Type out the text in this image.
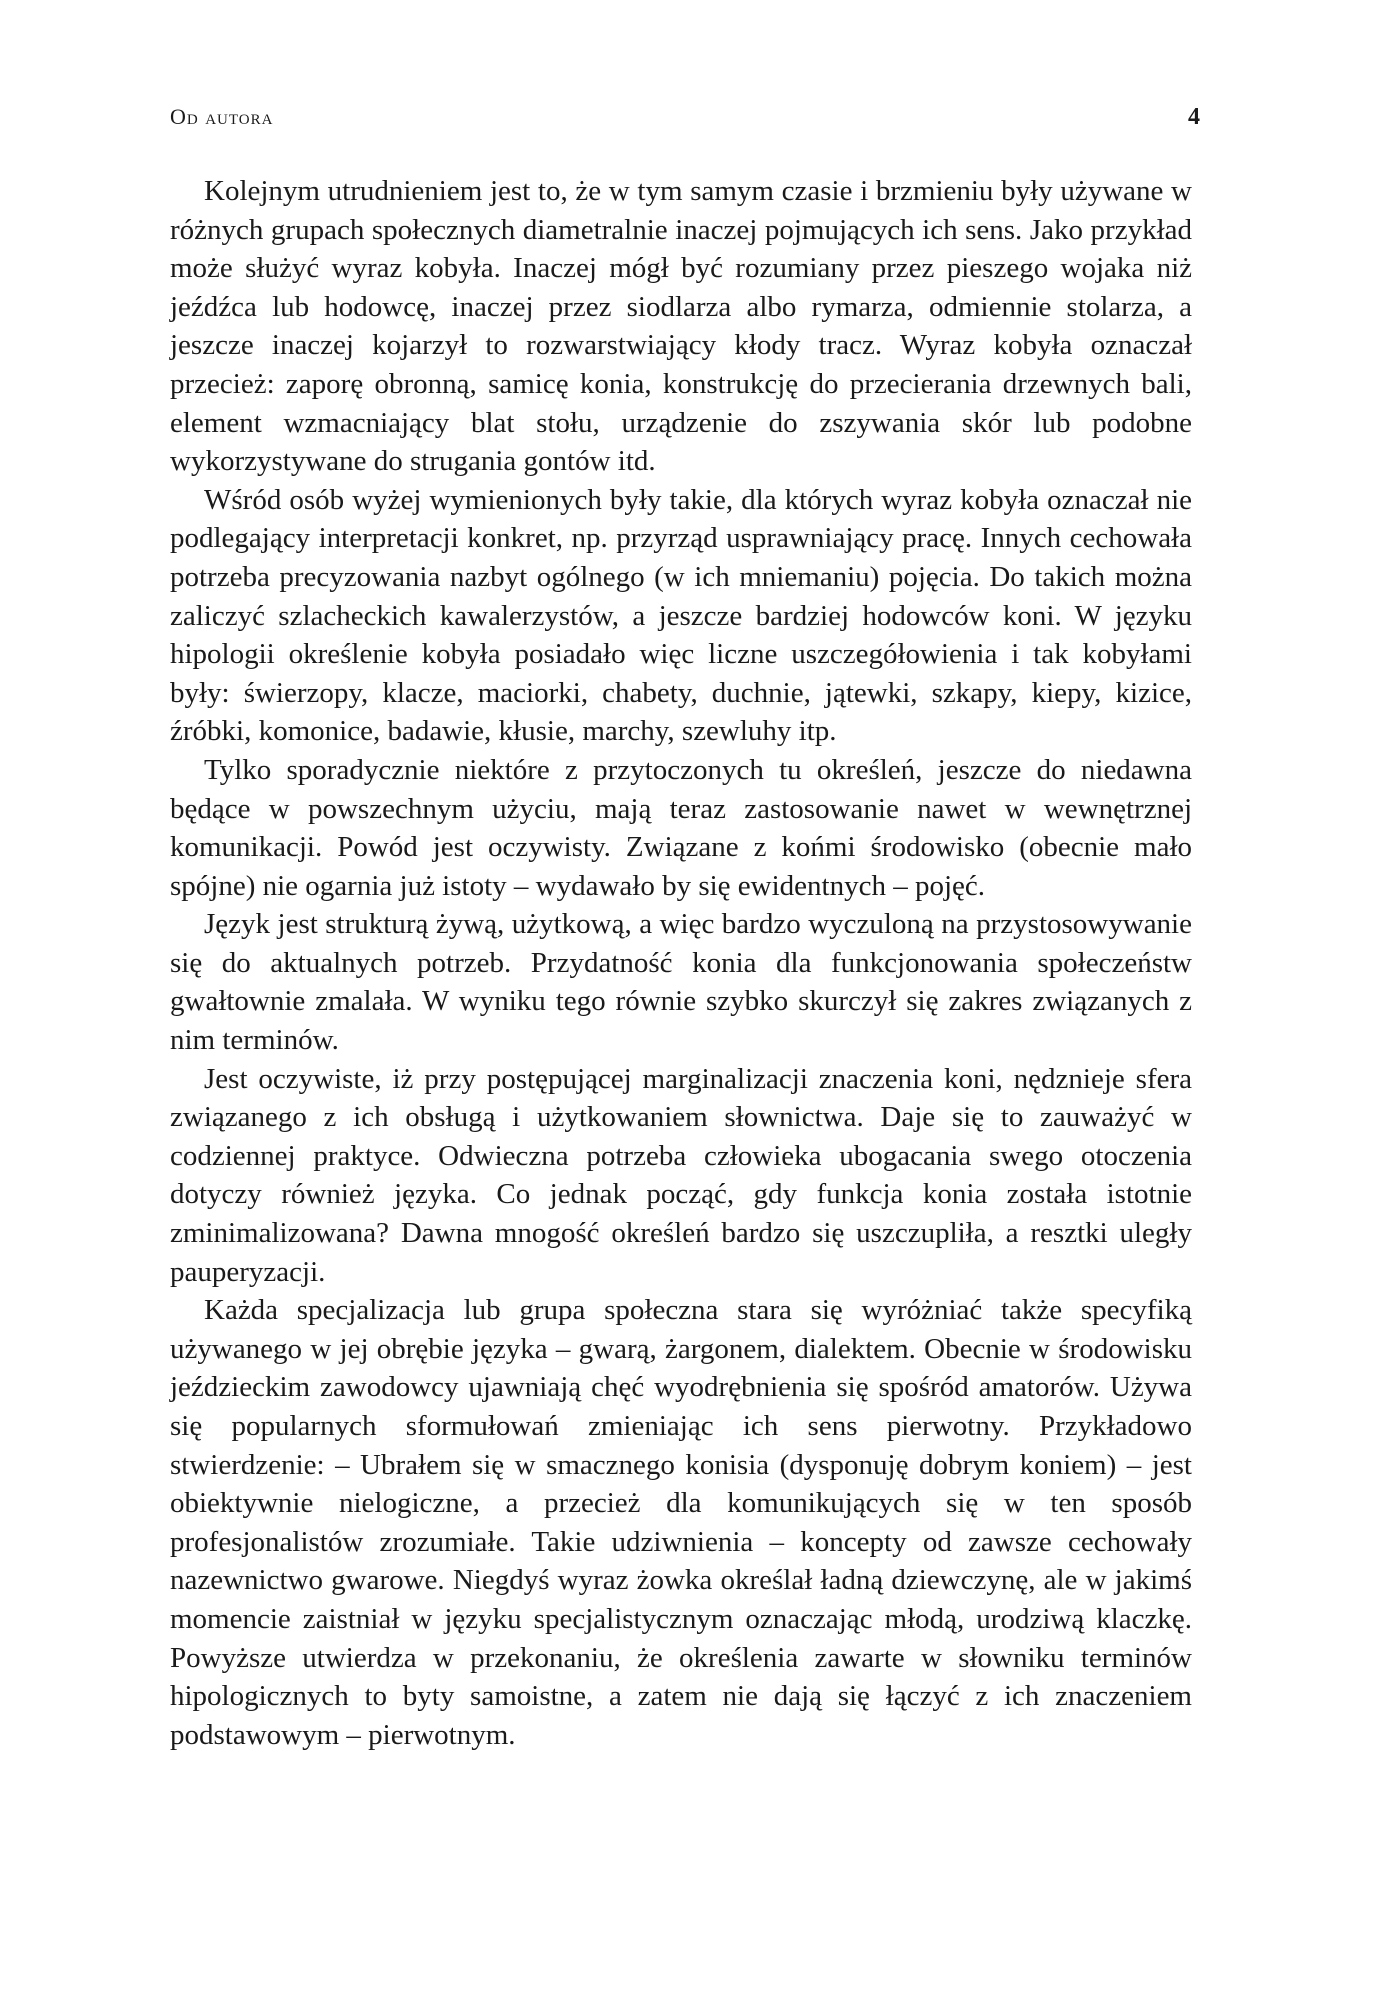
Od autora	4

Kolejnym utrudnieniem jest to, że w tym samym czasie i brzmieniu były używane w różnych grupach społecznych diametralnie inaczej pojmujących ich sens. Jako przykład może służyć wyraz kobyła. Inaczej mógł być rozumiany przez pieszego wojaka niż jeźdźca lub hodowcę, inaczej przez siodlarza albo rymarza, odmiennie stolarza, a jeszcze inaczej kojarzył to rozwarstwiający kłody tracz. Wyraz kobyła oznaczał przecież: zaporę obronną, samicę konia, konstrukcję do przecierania drzewnych bali, element wzmacniający blat stołu, urządzenie do zszywania skór lub podobne wykorzystywane do strugania gontów itd.

Wśród osób wyżej wymienionych były takie, dla których wyraz kobyła oznaczał nie podlegający interpretacji konkret, np. przyrząd usprawniający pracę. Innych cechowała potrzeba precyzowania nazbyt ogólnego (w ich mniemaniu) pojęcia. Do takich można zaliczyć szlacheckich kawalerzystów, a jeszcze bardziej hodowców koni. W języku hipologii określenie kobyła posiadało więc liczne uszczegółowienia i tak kobyłami były: świerzopy, klacze, maciorki, chabety, duchnie, jątewki, szkapy, kiepy, kizice, źróbki, komonice, badawie, kłusie, marchy, szewluhy itp.

Tylko sporadycznie niektóre z przytoczonych tu określeń, jeszcze do niedawna będące w powszechnym użyciu, mają teraz zastosowanie nawet w wewnętrznej komunikacji. Powód jest oczywisty. Związane z końmi środowisko (obecnie mało spójne) nie ogarnia już istoty – wydawało by się ewidentnych – pojęć.

Język jest strukturą żywą, użytkową, a więc bardzo wyczuloną na przystosowywanie się do aktualnych potrzeb. Przydatność konia dla funkcjonowania społeczeństw gwałtownie zmalała. W wyniku tego równie szybko skurczył się zakres związanych z nim terminów.

Jest oczywiste, iż przy postępującej marginalizacji znaczenia koni, nędznieje sfera związanego z ich obsługą i użytkowaniem słownictwa. Daje się to zauważyć w codziennej praktyce. Odwieczna potrzeba człowieka ubogacania swego otoczenia dotyczy również języka. Co jednak począć, gdy funkcja konia została istotnie zminimalizowana? Dawna mnogość określeń bardzo się uszczupliła, a resztki uległy pauperyzacji.

Każda specjalizacja lub grupa społeczna stara się wyróżniać także specyfiką używanego w jej obrębie języka – gwarą, żargonem, dialektem. Obecnie w środowisku jeździeckim zawodowcy ujawniają chęć wyodrębnienia się spośród amatorów. Używa się popularnych sformułowań zmieniając ich sens pierwotny. Przykładowo stwierdzenie: – Ubrałem się w smacznego konisia (dysponuję dobrym koniem) – jest obiektywnie nielogiczne, a przecież dla komunikujących się w ten sposób profesjonalistów zrozumiałe. Takie udziwnienia – koncepty od zawsze cechowały nazewnictwo gwarowe. Niegdyś wyraz żowka określał ładną dziewczynę, ale w jakimś momencie zaistniał w języku specjalistycznym oznaczając młodą, urodziwą klaczkę. Powyższe utwierdza w przekonaniu, że określenia zawarte w słowniku terminów hipologicznych to byty samoistne, a zatem nie dają się łączyć z ich znaczeniem podstawowym – pierwotnym.
